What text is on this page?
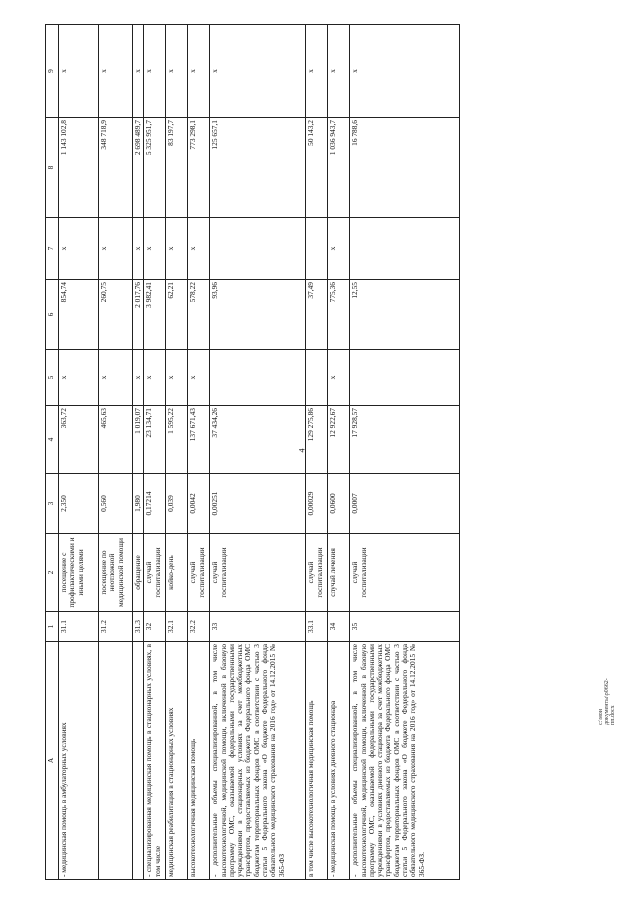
4
A	1	2	3	4	5	6	7	8	9
- медицинская помощь в амбулаторных условиях	31.1	посещение с профилактическими и иными целями	2,350	363,72	х	854,74	х	1 143 102,8	х
	31.2	посещение по неотложной медицинской помощи	0,560	465,63	х	260,75	х	348 718,9	х
	31.3	обращение	1,980	1 019,07	х	2 017,76	х	2 698 489,7	х
- специализированная медицинская помощь в стационарных условиях, в том числе	32	случай госпитализации	0,17214	23 134,71	х	3 982,41	х	5 325 951,7	х
медицинская реабилитация в стационарных условиях	32.1	койко-день	0,039	1 595,22	х	62,21	х	83 197,7	х
высокотехнологичная медицинская помощь	32.2	случай госпитализации	0,0042	137 671,43	х	578,22	х	773 298,1	х
- дополнительные объемы специализированной, в том числе высокотехнологичной, медицинской помощи, включенной в базовую программу ОМС, оказываемой федеральными государственными учреждениями в стационарных условиях за счет межбюджетных трансфертов, предоставляемых из бюджета Федерального фонда ОМС бюджетам территориальных фондов ОМС в соответствии с частью 3 статьи 5 Федерального закона «О бюджете Федерального фонда обязательного медицинского страхования на 2016 год» от 14.12.2015 № 365-ФЗ	33	случай госпитализации	0,00251	37 434,26		93,96		125 657,1	х
в том числе высокотехнологичная медицинская помощь	33.1	случай госпитализации	0,00029	129 275,86		37,49		50 143,2	х
- медицинская помощь в условиях дневного стационара	34	случай лечения	0,0600	12 922,67	х	775,36	х	1 036 943,7	х
- дополнительные объемы специализированной, в том числе высокотехнологичной, медицинской помощи, включенной в базовую программу ОМС, оказываемой федеральными государственными учреждениями в условиях дневного стационара за счет межбюджетных трансфертов, предоставляемых из бюджета Федерального фонда ОМС бюджетам территориальных фондов ОМС в соответствии с частью 3 статьи 5 Федерального закона «О бюджете Федерального фонда обязательного медицинского страхования на 2016 год» от 14.12.2015 № 365-ФЗ.	35	случай госпитализации	0,0007	17 928,57		12,55		16 788,6	х
c:\мои документы\р0662-пп.docx
